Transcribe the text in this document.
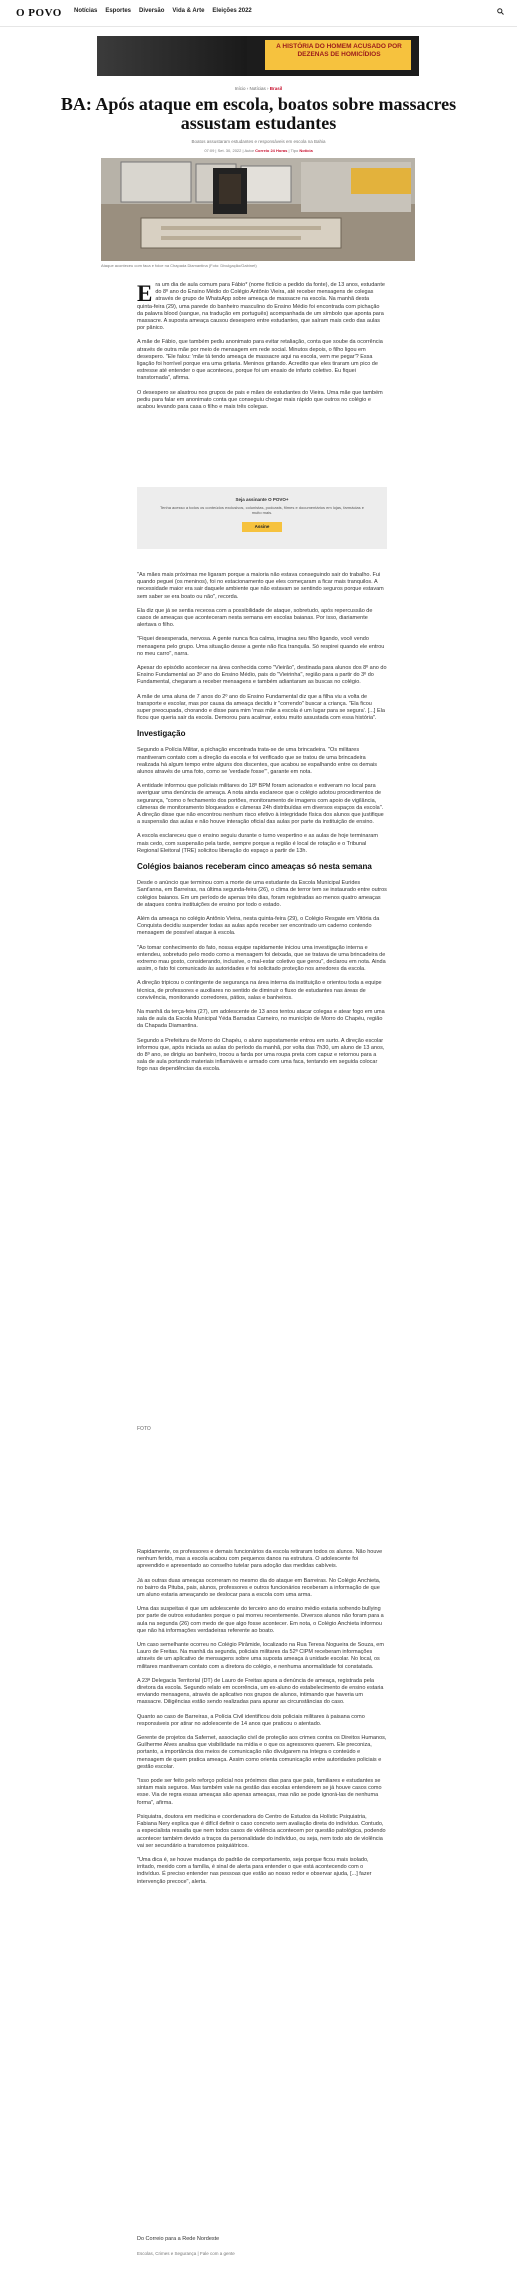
O POVO Notícias Esportes Diversão Vida & Arte Eleições 2022
A HISTÓRIA DO HOMEM ACUSADO POR DEZENAS DE HOMICÍDIOS
Início › Notícias › Brasil
BA: Após ataque em escola, boatos sobre massacres assustam estudantes
Boatos assustaram estudantes e responsáveis em escola na Bahia
07:09 | Set. 30, 2022 | Autor Correio 24 Horas | Tipo Notícia
Ataque aconteceu com faca e foice na Chapada Diamantina (Foto: Divulgação/Gabinet)

Era um dia de aula comum para Fábio* (nome fictício a pedido da fonte), de 13 anos, estudante do 8º ano do Ensino Médio do Colégio Antônio Vieira, até receber mensagens de colegas através de grupo de WhatsApp sobre ameaça de massacre na escola. Na manhã desta quinta-feira (29), uma parede do banheiro masculino do Ensino Médio foi encontrada com pichação da palavra blood (sangue, na tradução em português) acompanhada de um símbolo que aponta para massacre. A suposta ameaça causou desespero entre estudantes, que saíram mais cedo das aulas por pânico.

A mãe de Fábio, que também pediu anonimato para evitar retaliação, conta que soube da ocorrência através de outra mãe por meio de mensagem em rede social. Minutos depois, o filho ligou em desespero. "Ele falou: 'mãe tá tendo ameaça de massacre aqui na escola, vem me pegar'? Essa ligação foi horrível porque era uma gritaria. Meninos gritando. Acredito que eles tiraram um pico de estresse até entender o que aconteceu, porque foi um ensaio de infarto coletivo. Eu fiquei transtornada", afirma.

O desespero se alastrou nos grupos de pais e mães de estudantes do Vieira. Uma mãe que também pediu para falar em anonimato conta que conseguiu chegar mais rápido que outros no colégio e acabou levando para casa o filho e mais três colegas.

Seja assinante O POVO+
Tenha acesso a todos os conteúdos exclusivos, colunistas, podcasts, filmes e documentários em lojas, farmácias e muito mais.
Assine

"As mães mais próximas me ligaram porque a maioria não estava conseguindo sair do trabalho. Fui quando peguei (os meninos), foi no estacionamento que eles começaram a ficar mais tranquilos. A necessidade maior era sair daquele ambiente que não estavam se sentindo seguros porque estavam sem saber se era boato ou não", recorda.

Ela diz que já se sentia receosa com a possibilidade de ataque, sobretudo, após repercussão de casos de ameaças que aconteceram nesta semana em escolas baianas. Por isso, diariamente alertava o filho.

"Fiquei desesperada, nervosa. A gente nunca fica calma, imagina seu filho ligando, você vendo mensagens pelo grupo. Uma situação desse a gente não fica tranquila. Só respirei quando ele entrou no meu carro", narra.

Apesar do episódio acontecer na área conhecida como "Vieirão", destinada para alunos dos 8º ano do Ensino Fundamental ao 3º ano do Ensino Médio, pais do "Vieirinha", região para a partir do 3º do Fundamental, chegaram a receber mensagens e também adiantaram as buscas no colégio.

A mãe de uma aluna de 7 anos do 2º ano do Ensino Fundamental diz que a filha viu a volta de transporte e escolar, mas por causa da ameaça decidiu ir "correndo" buscar a criança. "Ela ficou super preocupada, chorando e disse para mim 'mas mãe a escola é um lugar para se segura'. [...] Ela ficou que queria sair da escola. Demorou para acalmar, estou muito assustada com essa história".

Investigação

Segundo a Polícia Militar, a pichação encontrada trata-se de uma brincadeira. "Os militares mantiveram contato com a direção da escola e foi verificado que se tratou de uma brincadeira realizada há algum tempo entre alguns dos discentes, que acabou se espalhando entre os demais alunos através de uma foto, como se 'verdade fosse'", garante em nota.

A entidade informou que policiais militares do 18º BPM foram acionados e estiveram no local para averiguar uma denúncia de ameaça. A nota ainda esclarece que o colégio adotou procedimentos de segurança, "como o fechamento dos portões, monitoramento de imagens com apoio de vigilância, câmeras de monitoramento bloqueados e câmeras 24h distribuídas em diversos espaços da escola". A direção disse que não encontrou nenhum risco efetivo à integridade física dos alunos que justifique a suspensão das aulas e não houve interação oficial das aulas por parte da instituição de ensino.

A escola esclareceu que o ensino seguiu durante o turno vespertino e as aulas de hoje terminaram mais cedo, com suspensão pela tarde, sempre porque a região é local de rotação e o Tribunal Regional Eleitoral (TRE) solicitou liberação do espaço a partir de 13h.

Colégios baianos receberam cinco ameaças só nesta semana

Desde o anúncio que terminou com a morte de uma estudante da Escola Municipal Eurides Sant'anna, em Barreiras, na última segunda-feira (26), o clima de terror tem se instaurado entre outros colégios baianos. Em um período de apenas três dias, foram registradas ao menos quatro ameaças de ataques contra instituições de ensino por todo o estado.

Além da ameaça no colégio Antônio Vieira, nesta quinta-feira (29), o Colégio Resgate em Vitória da Conquista decidiu suspender todas as aulas após receber ser encontrado um caderno contendo mensagem de possível ataque à escola.

"Ao tomar conhecimento do fato, nossa equipe rapidamente iniciou uma investigação interna e entendeu, sobretudo pelo modo como a mensagem foi deixada, que se tratava de uma brincadeira de extremo mau gosto, considerando, inclusive, o mal-estar coletivo que gerou", declarou em nota. Ainda assim, o fato foi comunicado às autoridades e foi solicitado proteção nos arredores da escola.

A direção tripicou o contingente de segurança na área interna da instituição e orientou toda a equipe técnica, de professores e auxiliares no sentido de diminuir o fluxo de estudantes nas áreas de convivência, monitorando corredores, pátios, salas e banheiros.

Na manhã da terça-feira (27), um adolescente de 13 anos tentou atacar colegas e atear fogo em uma sala de aula da Escola Municipal Yéda Barradas Carneiro, no município de Morro do Chapéu, região da Chapada Diamantina.

Segundo a Prefeitura de Morro do Chapéu, o aluno supostamente entrou em surto. A direção escolar informou que, após iniciada as aulas do período da manhã, por volta das 7h30, um aluno de 13 anos, do 8º ano, se dirigiu ao banheiro, trocou a farda por uma roupa preta com capuz e retornou para a sala de aula portando materiais inflamáveis e armado com uma faca, tentando em seguida colocar fogo nas dependências da escola.

FOTO

Rapidamente, os professores e demais funcionários da escola retiraram todos os alunos. Não houve nenhum ferido, mas a escola acabou com pequenos danos na estrutura. O adolescente foi apreendido e apresentado ao conselho tutelar para adoção das medidas cabíveis.

Já as outras duas ameaças ocorreram no mesmo dia do ataque em Barreiras. No Colégio Anchieta, no bairro da Pituba, pais, alunos, professores e outros funcionários receberam a informação de que um aluno estaria ameaçando se deslocar para a escola com uma arma.

Uma das suspeitas é que um adolescente do terceiro ano do ensino médio estaria sofrendo bullying por parte de outros estudantes porque o pai morreu recentemente. Diversos alunos não foram para a aula na segunda (26) com medo de que algo fosse acontecer. Em nota, o Colégio Anchieta informou que não há informações verdadeiras referente ao boato.

Um caso semelhante ocorreu no Colégio Pirâmide, localizado na Rua Teresa Nogueira de Souza, em Lauro de Freitas. Na manhã da segunda, policiais militares da 52ª CIPM receberam informações através de um aplicativo de mensagens sobre uma suposta ameaça à unidade escolar. No local, os militares mantiveram contato com a diretora do colégio, e nenhuma anormalidade foi constatada.

A 23ª Delegacia Territorial (DT) de Lauro de Freitas apura a denúncia de ameaça, registrada pela diretora da escola. Segundo relato em ocorrência, um ex-aluno do estabelecimento de ensino estaria enviando mensagens, através de aplicativo nos grupos de alunos, intimando que haveria um massacre. Diligências estão sendo realizadas para apurar as circunstâncias do caso.

Quanto ao caso de Barreiras, a Polícia Civil identificou dois policiais militares à paisana como responsáveis por atirar no adolescente de 14 anos que praticou o atentado.

Gerente de projetos da Safernet, associação civil de proteção aos crimes contra os Direitos Humanos, Guilherme Alves analisa que visibilidade na mídia e o que os agressores querem. Ele preconiza, portanto, a importância dos meios de comunicação não divulgarem na íntegra o conteúdo e mensagem de quem pratica ameaça. Assim como orienta comunicação entre autoridades policiais e gestão escolar.

"Isso pode ser feito pelo reforço policial nos próximos dias para que pais, familiares e estudantes se sintam mais seguros. Mas também vale na gestão das escolas entenderem se já houve casos como esse. Via de regra essas ameaças são apenas ameaças, mas não se pode ignorá-las de nenhuma forma", afirma.

Psiquiatra, doutora em medicina e coordenadora do Centro de Estudos da Holístic Psiquiatria, Fabiana Nery explica que é difícil definir o caso concreto sem avaliação direta do indivíduo. Contudo, a especialista ressalta que nem todos casos de violência acontecem por questão patológica, podendo acontecer também devido a traços da personalidade do indivíduo, ou seja, nem todo ato de violência vai ser secundário a transtornos psiquiátricos.

"Uma dica é, se houve mudança do padrão de comportamento, seja porque ficou mais isolado, irritado, mexido com a família, é sinal de alerta para entender o que está acontecendo com o indivíduo. É preciso entender nas pessoas que estão ao nosso redor e observar ajuda, [...] fazer intervenção precoce", alerta.

Do Correio para a Rede Nordeste
Escolas, Crimes e Segurança | Fale com a gente
